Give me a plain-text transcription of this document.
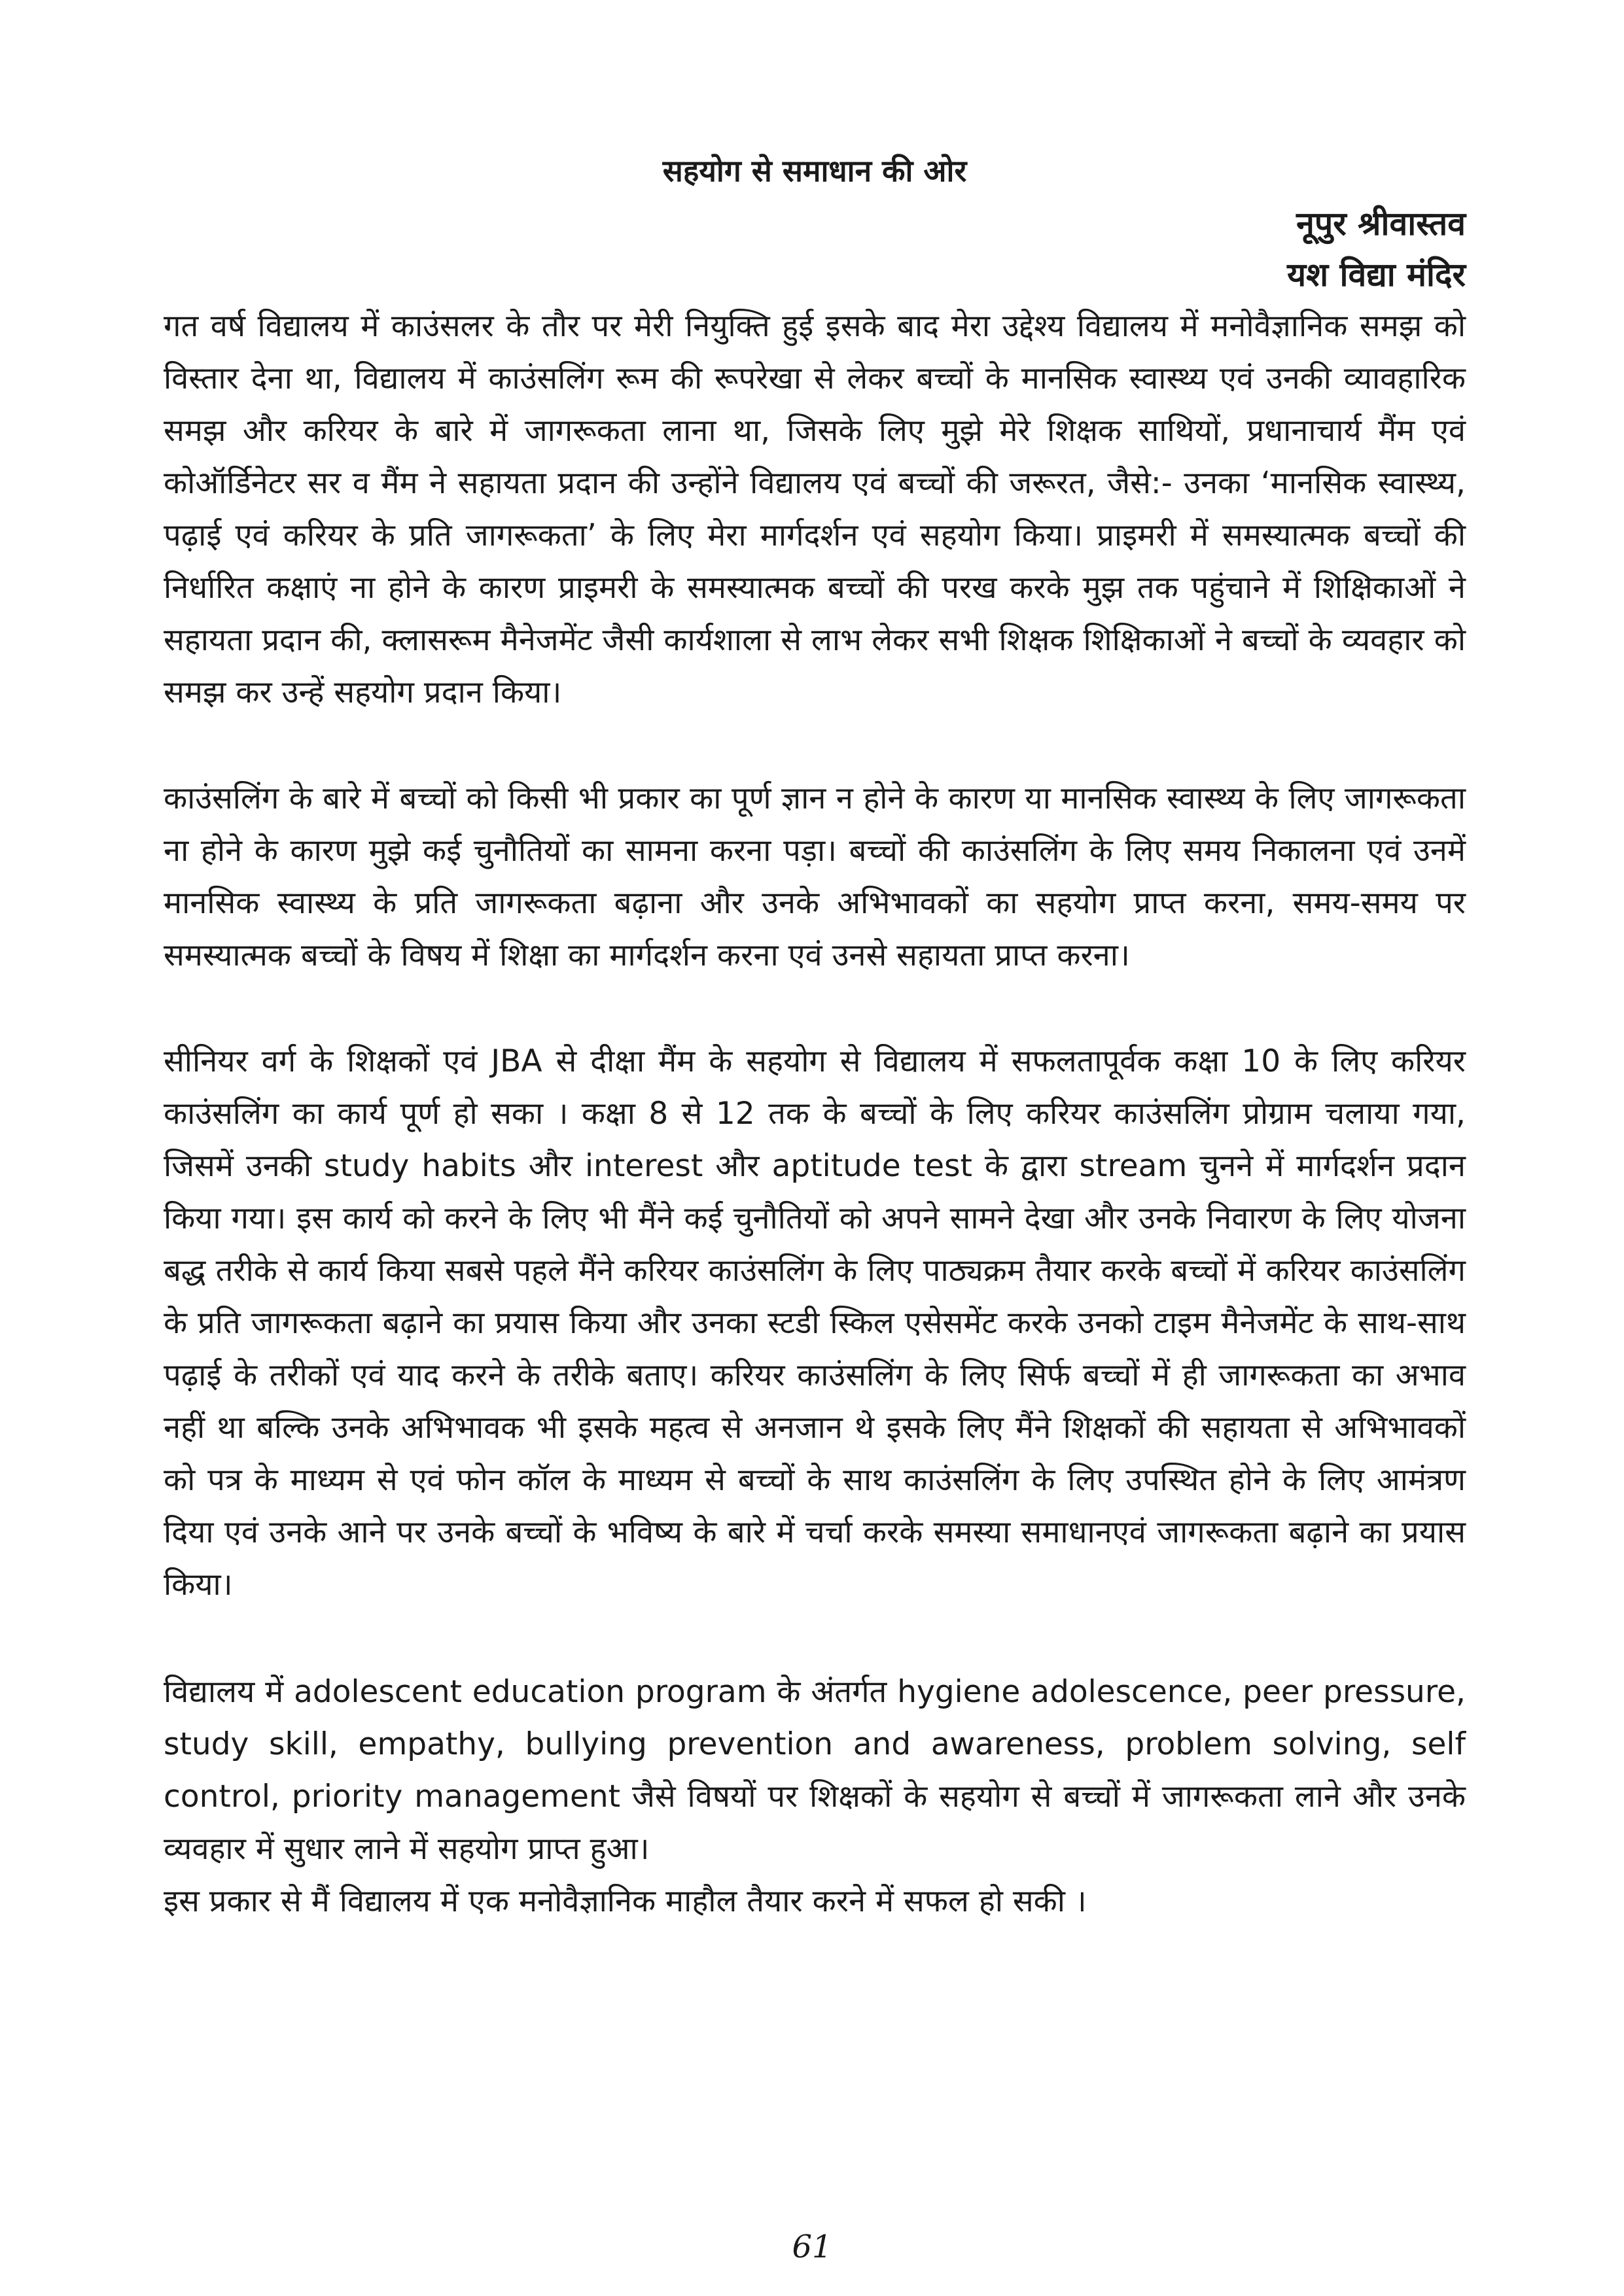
सहयोग से समाधान की ओर
नूपुर श्रीवास्तव
यश विद्या मंदिर

गत वर्ष विद्यालय में काउंसलर के तौर पर मेरी नियुक्ति हुई इसके बाद मेरा उद्देश्य विद्यालय में मनोवैज्ञानिक समझ को विस्तार देना था, विद्यालय में काउंसलिंग रूम की रूपरेखा से लेकर बच्चों के मानसिक स्वास्थ्य एवं उनकी व्यावहारिक समझ और करियर के बारे में जागरूकता लाना था, जिसके लिए मुझे मेरे शिक्षक साथियों, प्रधानाचार्य मैंम एवं कोऑर्डिनेटर सर व मैंम ने सहायता प्रदान की उन्होंने विद्यालय एवं बच्चों की जरूरत, जैसे:- उनका ‘मानसिक स्वास्थ्य, पढ़ाई एवं करियर के प्रति जागरूकता’ के लिए मेरा मार्गदर्शन एवं सहयोग किया। प्राइमरी में समस्यात्मक बच्चों की निर्धारित कक्षाएं ना होने के कारण प्राइमरी के समस्यात्मक बच्चों की परख करके मुझ तक पहुंचाने में शिक्षिकाओं ने सहायता प्रदान की, क्लासरूम मैनेजमेंट जैसी कार्यशाला से लाभ लेकर सभी शिक्षक शिक्षिकाओं ने बच्चों के व्यवहार को समझ कर उन्हें सहयोग प्रदान किया।

काउंसलिंग के बारे में बच्चों को किसी भी प्रकार का पूर्ण ज्ञान न होने के कारण या मानसिक स्वास्थ्य के लिए जागरूकता ना होने के कारण मुझे कई चुनौतियों का सामना करना पड़ा। बच्चों की काउंसलिंग के लिए समय निकालना एवं उनमें मानसिक स्वास्थ्य के प्रति जागरूकता बढ़ाना और उनके अभिभावकों का सहयोग प्राप्त करना, समय-समय पर समस्यात्मक बच्चों के विषय में शिक्षा का मार्गदर्शन करना एवं उनसे सहायता प्राप्त करना।

सीनियर वर्ग के शिक्षकों एवं JBA से दीक्षा मैंम के सहयोग से विद्यालय में सफलतापूर्वक कक्षा 10 के लिए करियर काउंसलिंग का कार्य पूर्ण हो सका । कक्षा 8 से 12 तक के बच्चों के लिए करियर काउंसलिंग प्रोग्राम चलाया गया, जिसमें उनकी study habits और interest और aptitude test के द्वारा stream चुनने में मार्गदर्शन प्रदान किया गया। इस कार्य को करने के लिए भी मैंने कई चुनौतियों को अपने सामने देखा और उनके निवारण के लिए योजना बद्ध तरीके से कार्य किया सबसे पहले मैंने करियर काउंसलिंग के लिए पाठ्यक्रम तैयार करके बच्चों में करियर काउंसलिंग के प्रति जागरूकता बढ़ाने का प्रयास किया और उनका स्टडी स्किल एसेसमेंट करके उनको टाइम मैनेजमेंट के साथ-साथ पढ़ाई के तरीकों एवं याद करने के तरीके बताए। करियर काउंसलिंग के लिए सिर्फ बच्चों में ही जागरूकता का अभाव नहीं था बल्कि उनके अभिभावक भी इसके महत्व से अनजान थे इसके लिए मैंने शिक्षकों की सहायता से अभिभावकों को पत्र के माध्यम से एवं फोन कॉल के माध्यम से बच्चों के साथ काउंसलिंग के लिए उपस्थित होने के लिए आमंत्रण दिया एवं उनके आने पर उनके बच्चों के भविष्य के बारे में चर्चा करके समस्या समाधानएवं जागरूकता बढ़ाने का प्रयास किया।

विद्यालय में adolescent education program के अंतर्गत hygiene adolescence, peer pressure, study skill, empathy, bullying prevention and awareness, problem solving, self control, priority management जैसे विषयों पर शिक्षकों के सहयोग से बच्चों में जागरूकता लाने और उनके व्यवहार में सुधार लाने में सहयोग प्राप्त हुआ।

इस प्रकार से मैं विद्यालय में एक मनोवैज्ञानिक माहौल तैयार करने में सफल हो सकी ।

61
